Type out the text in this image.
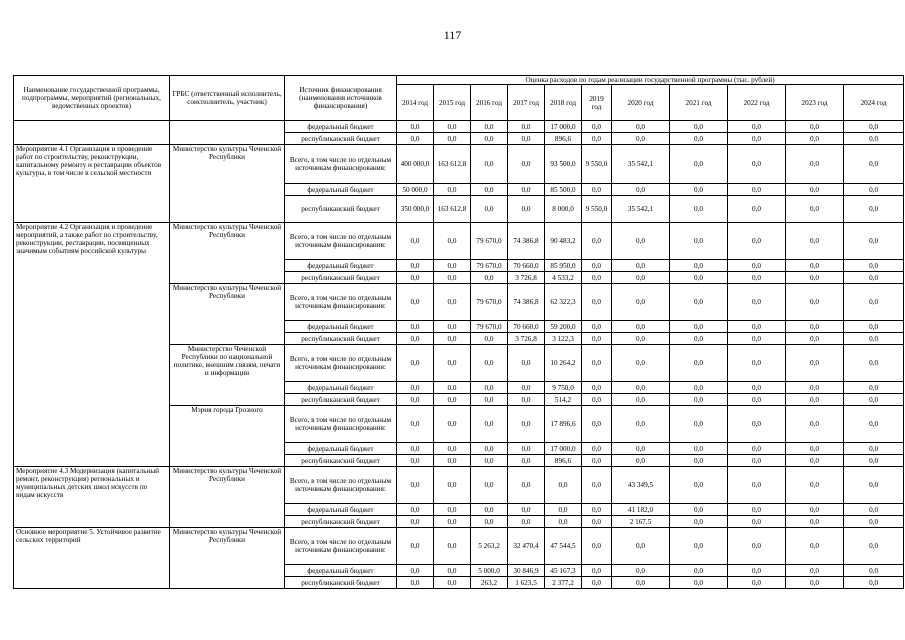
117
Наименование государственной программы, подпрограммы, мероприятий (региональных, ведомственных проектов)	ГРБС (ответственный исполнитель, соисполнитель, участник)	Источник финансирования (наименования источников финансирования)	Оценка расходов по годам реализации государственной программы (тыс. рублей)										
			2014 год	2015 год	2016 год	2017 год	2018 год	2019 год	2020 год	2021 год	2022 год	2023 год	2024 год
		федеральный бюджет	0,0	0,0	0,0	0,0	17 000,0	0,0	0,0	0,0	0,0	0,0	0,0
		республиканский бюджет	0,0	0,0	0,0	0,0	896,6	0,0	0,0	0,0	0,0	0,0	0,0
Мероприятие 4.1 Организация и проведение работ по строительству, реконструкции, капитальному ремонту и реставрации объектов культуры, в том числе в сельской местности	Министерство культуры Чеченской Республики	Всего, в том числе по отдельным источникам финансирования:	400 000,0	163 612,8	0,0	0,0	93 500,0	9 550,0	35 542,1	0,0	0,0	0,0	0,0
		федеральный бюджет	50 000,0	0,0	0,0	0,0	85 500,0	0,0	0,0	0,0	0,0	0,0	0,0
		республиканский бюджет	350 000,0	163 612,8	0,0	0,0	8 000,0	9 550,0	35 542,1	0,0	0,0	0,0	0,0
Мероприятие 4.2 Организация и проведение мероприятий, а также работ по строительству, реконструкции, реставрации, посвященных значимым событиям российской культуры	Министерство культуры Чеченской Республики	Всего, в том числе по отдельным источникам финансирования:	0,0	0,0	79 670,0	74 386,8	90 483,2	0,0	0,0	0,0	0,0	0,0	0,0
		федеральный бюджет	0,0	0,0	79 670,0	70 660,0	85 950,0	0,0	0,0	0,0	0,0	0,0	0,0
		республиканский бюджет	0,0	0,0	0,0	3 726,8	4 533,2	0,0	0,0	0,0	0,0	0,0	0,0
	Министерство культуры Чеченской Республики	Всего, в том числе по отдельным источникам финансирования:	0,0	0,0	79 670,0	74 386,8	62 322,3	0,0	0,0	0,0	0,0	0,0	0,0
		федеральный бюджет	0,0	0,0	79 670,0	70 660,0	59 200,0	0,0	0,0	0,0	0,0	0,0	0,0
		республиканский бюджет	0,0	0,0	0,0	3 726,8	3 122,3	0,0	0,0	0,0	0,0	0,0	0,0
	Министерство Чеченской Республики по национальной политике, внешним связям, печати и информации	Всего, в том числе по отдельным источникам финансирования:	0,0	0,0	0,0	0,0	10 264,2	0,0	0,0	0,0	0,0	0,0	0,0
		федеральный бюджет	0,0	0,0	0,0	0,0	9 750,0	0,0	0,0	0,0	0,0	0,0	0,0
		республиканский бюджет	0,0	0,0	0,0	0,0	514,2	0,0	0,0	0,0	0,0	0,0	0,0
	Мэрия города Грозного	Всего, в том числе по отдельным источникам финансирования:	0,0	0,0	0,0	0,0	17 896,6	0,0	0,0	0,0	0,0	0,0	0,0
		федеральный бюджет	0,0	0,0	0,0	0,0	17 000,0	0,0	0,0	0,0	0,0	0,0	0,0
		республиканский бюджет	0,0	0,0	0,0	0,0	896,6	0,0	0,0	0,0	0,0	0,0	0,0
Мероприятие 4.3 Модернизация (капитальный ремонт, реконструкция) региональных и муниципальных детских школ искусств по видам искусств	Министерство культуры Чеченской Республики	Всего, в том числе по отдельным источникам финансирования:	0,0	0,0	0,0	0,0	0,0	0,0	43 349,5	0,0	0,0	0,0	0,0
		федеральный бюджет	0,0	0,0	0,0	0,0	0,0	0,0	41 182,0	0,0	0,0	0,0	0,0
		республиканский бюджет	0,0	0,0	0,0	0,0	0,0	0,0	2 167,5	0,0	0,0	0,0	0,0
Основное мероприятие 5. Устойчивое развитие сельских территорий	Министерство культуры Чеченской Республики	Всего, в том числе по отдельным источникам финансирования:	0,0	0,0	5 263,2	32 470,4	47 544,5	0,0	0,0	0,0	0,0	0,0	0,0
		федеральный бюджет	0,0	0,0	5 000,0	30 846,9	45 167,3	0,0	0,0	0,0	0,0	0,0	0,0
		республиканский бюджет	0,0	0,0	263,2	1 623,5	2 377,2	0,0	0,0	0,0	0,0	0,0	0,0
